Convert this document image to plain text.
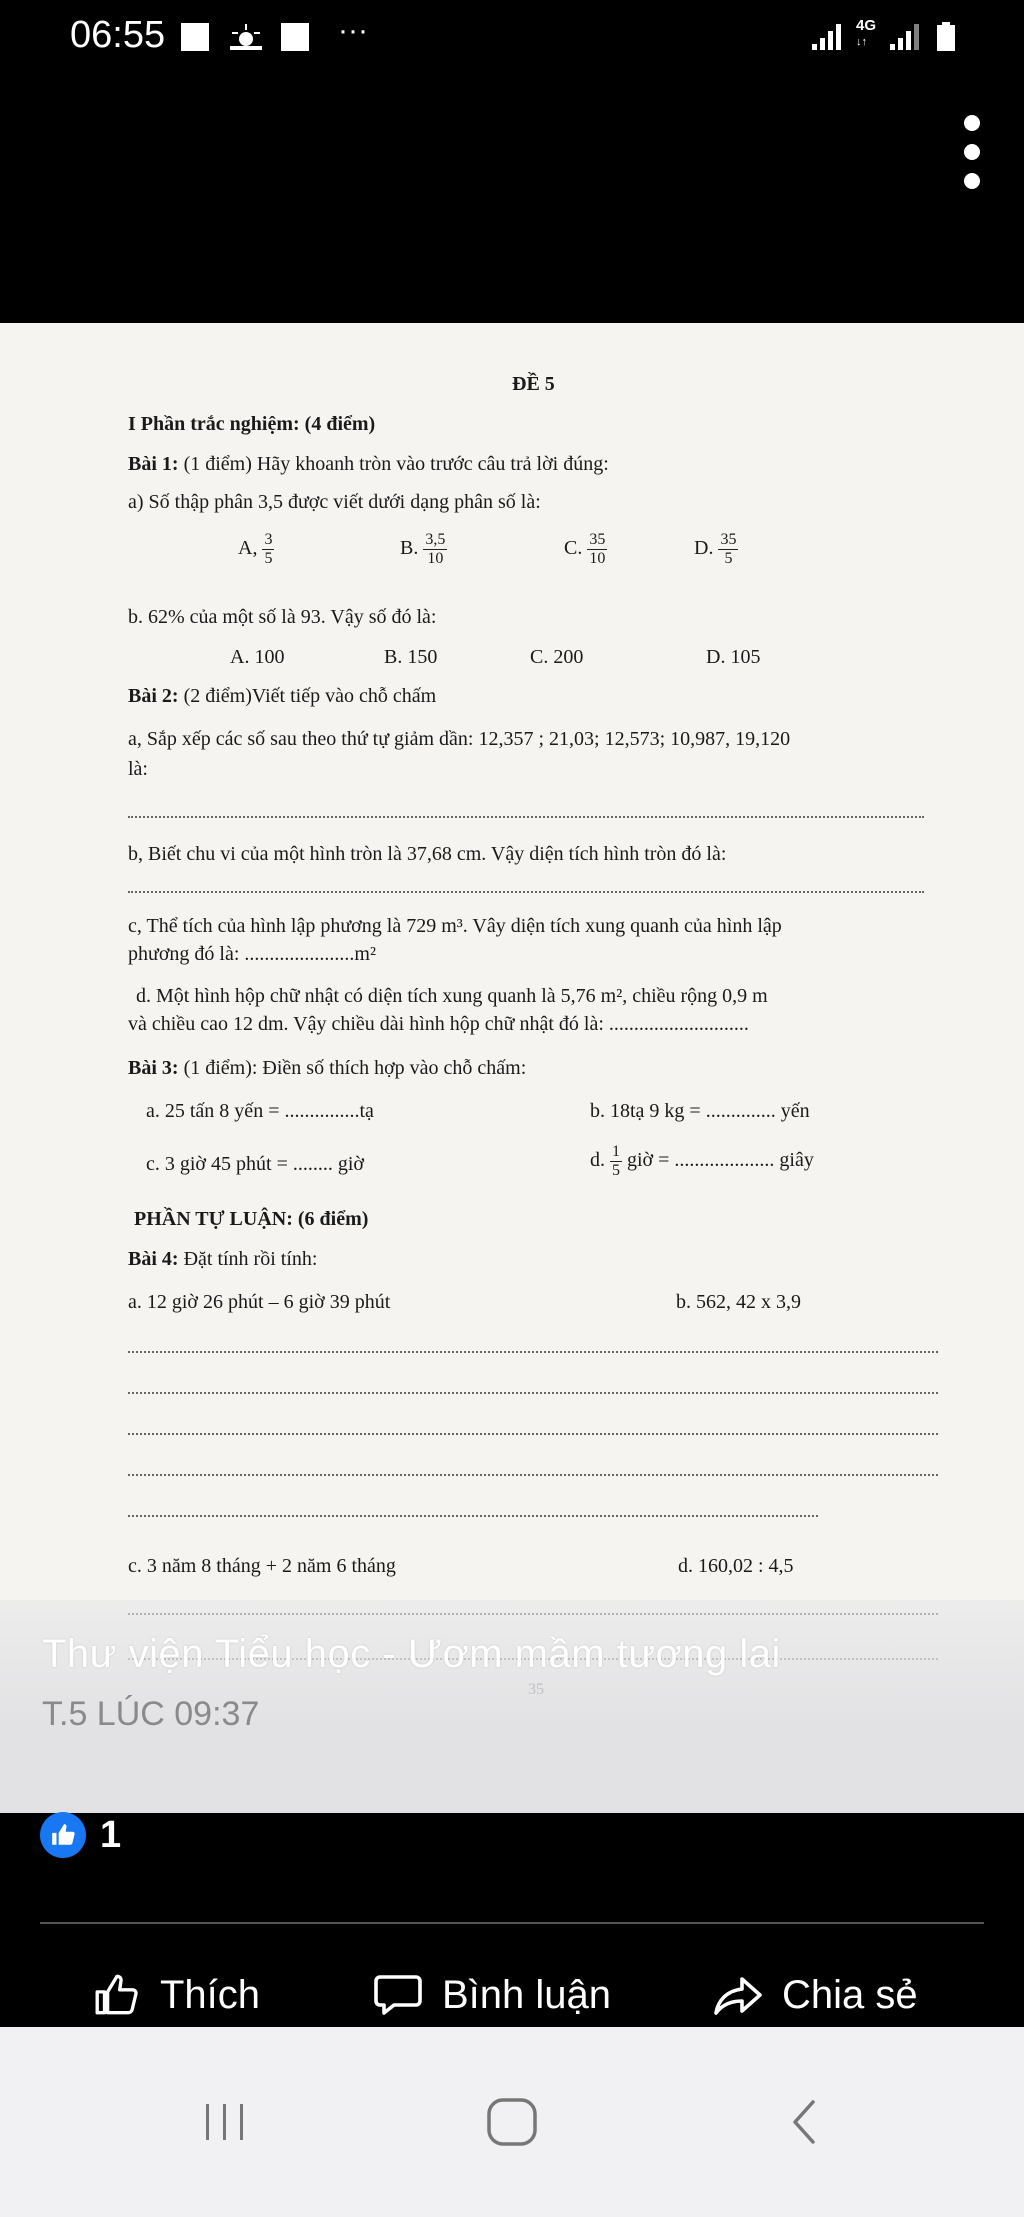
06:55	···	4G
↓↑
ĐỀ 5
I Phần trắc nghiệm: (4 điểm)
Bài 1: (1 điểm) Hãy khoanh tròn vào trước câu trả lời đúng:
a) Số thập phân 3,5 được viết dưới dạng phân số là:
A, $\frac{3}{5}$	B. $\frac{3,5}{10}$	C. $\frac{35}{10}$	D. $\frac{35}{5}$
b. 62% của một số là 93. Vậy số đó là:
A. 100	B. 150	C. 200	D. 105
Bài 2: (2 điểm)Viết tiếp vào chỗ chấm
a, Sắp xếp các số sau theo thứ tự giảm dần: 12,357 ; 21,03; 12,573; 10,987, 19,120
là:
b, Biết chu vi của một hình tròn là 37,68 cm. Vậy diện tích hình tròn đó là:
c, Thể tích của hình lập phương là 729 m³. Vây diện tích xung quanh của hình lập
phương đó là: ......................m²
d. Một hình hộp chữ nhật có diện tích xung quanh là 5,76 m², chiều rộng 0,9 m
và chiều cao 12 dm. Vậy chiều dài hình hộp chữ nhật đó là: ............................
Bài 3: (1 điểm): Điền số thích hợp vào chỗ chấm:
a. 25 tấn 8 yến = ...............tạ	b. 18tạ 9 kg = .............. yến
c. 3 giờ 45 phút = ........ giờ	d. $\frac{1}{5}$ giờ = .................... giây
PHẦN TỰ LUẬN: (6 điểm)
Bài 4: Đặt tính rồi tính:
a. 12 giờ 26 phút – 6 giờ 39 phút	b. 562, 42 x 3,9
c. 3 năm 8 tháng + 2 năm 6 tháng	d. 160,02 : 4,5
Thư viện Tiểu học - Ươm mầm tương lai
T.5 LÚC 09:37
1
Thích	Bình luận	Chia sẻ
